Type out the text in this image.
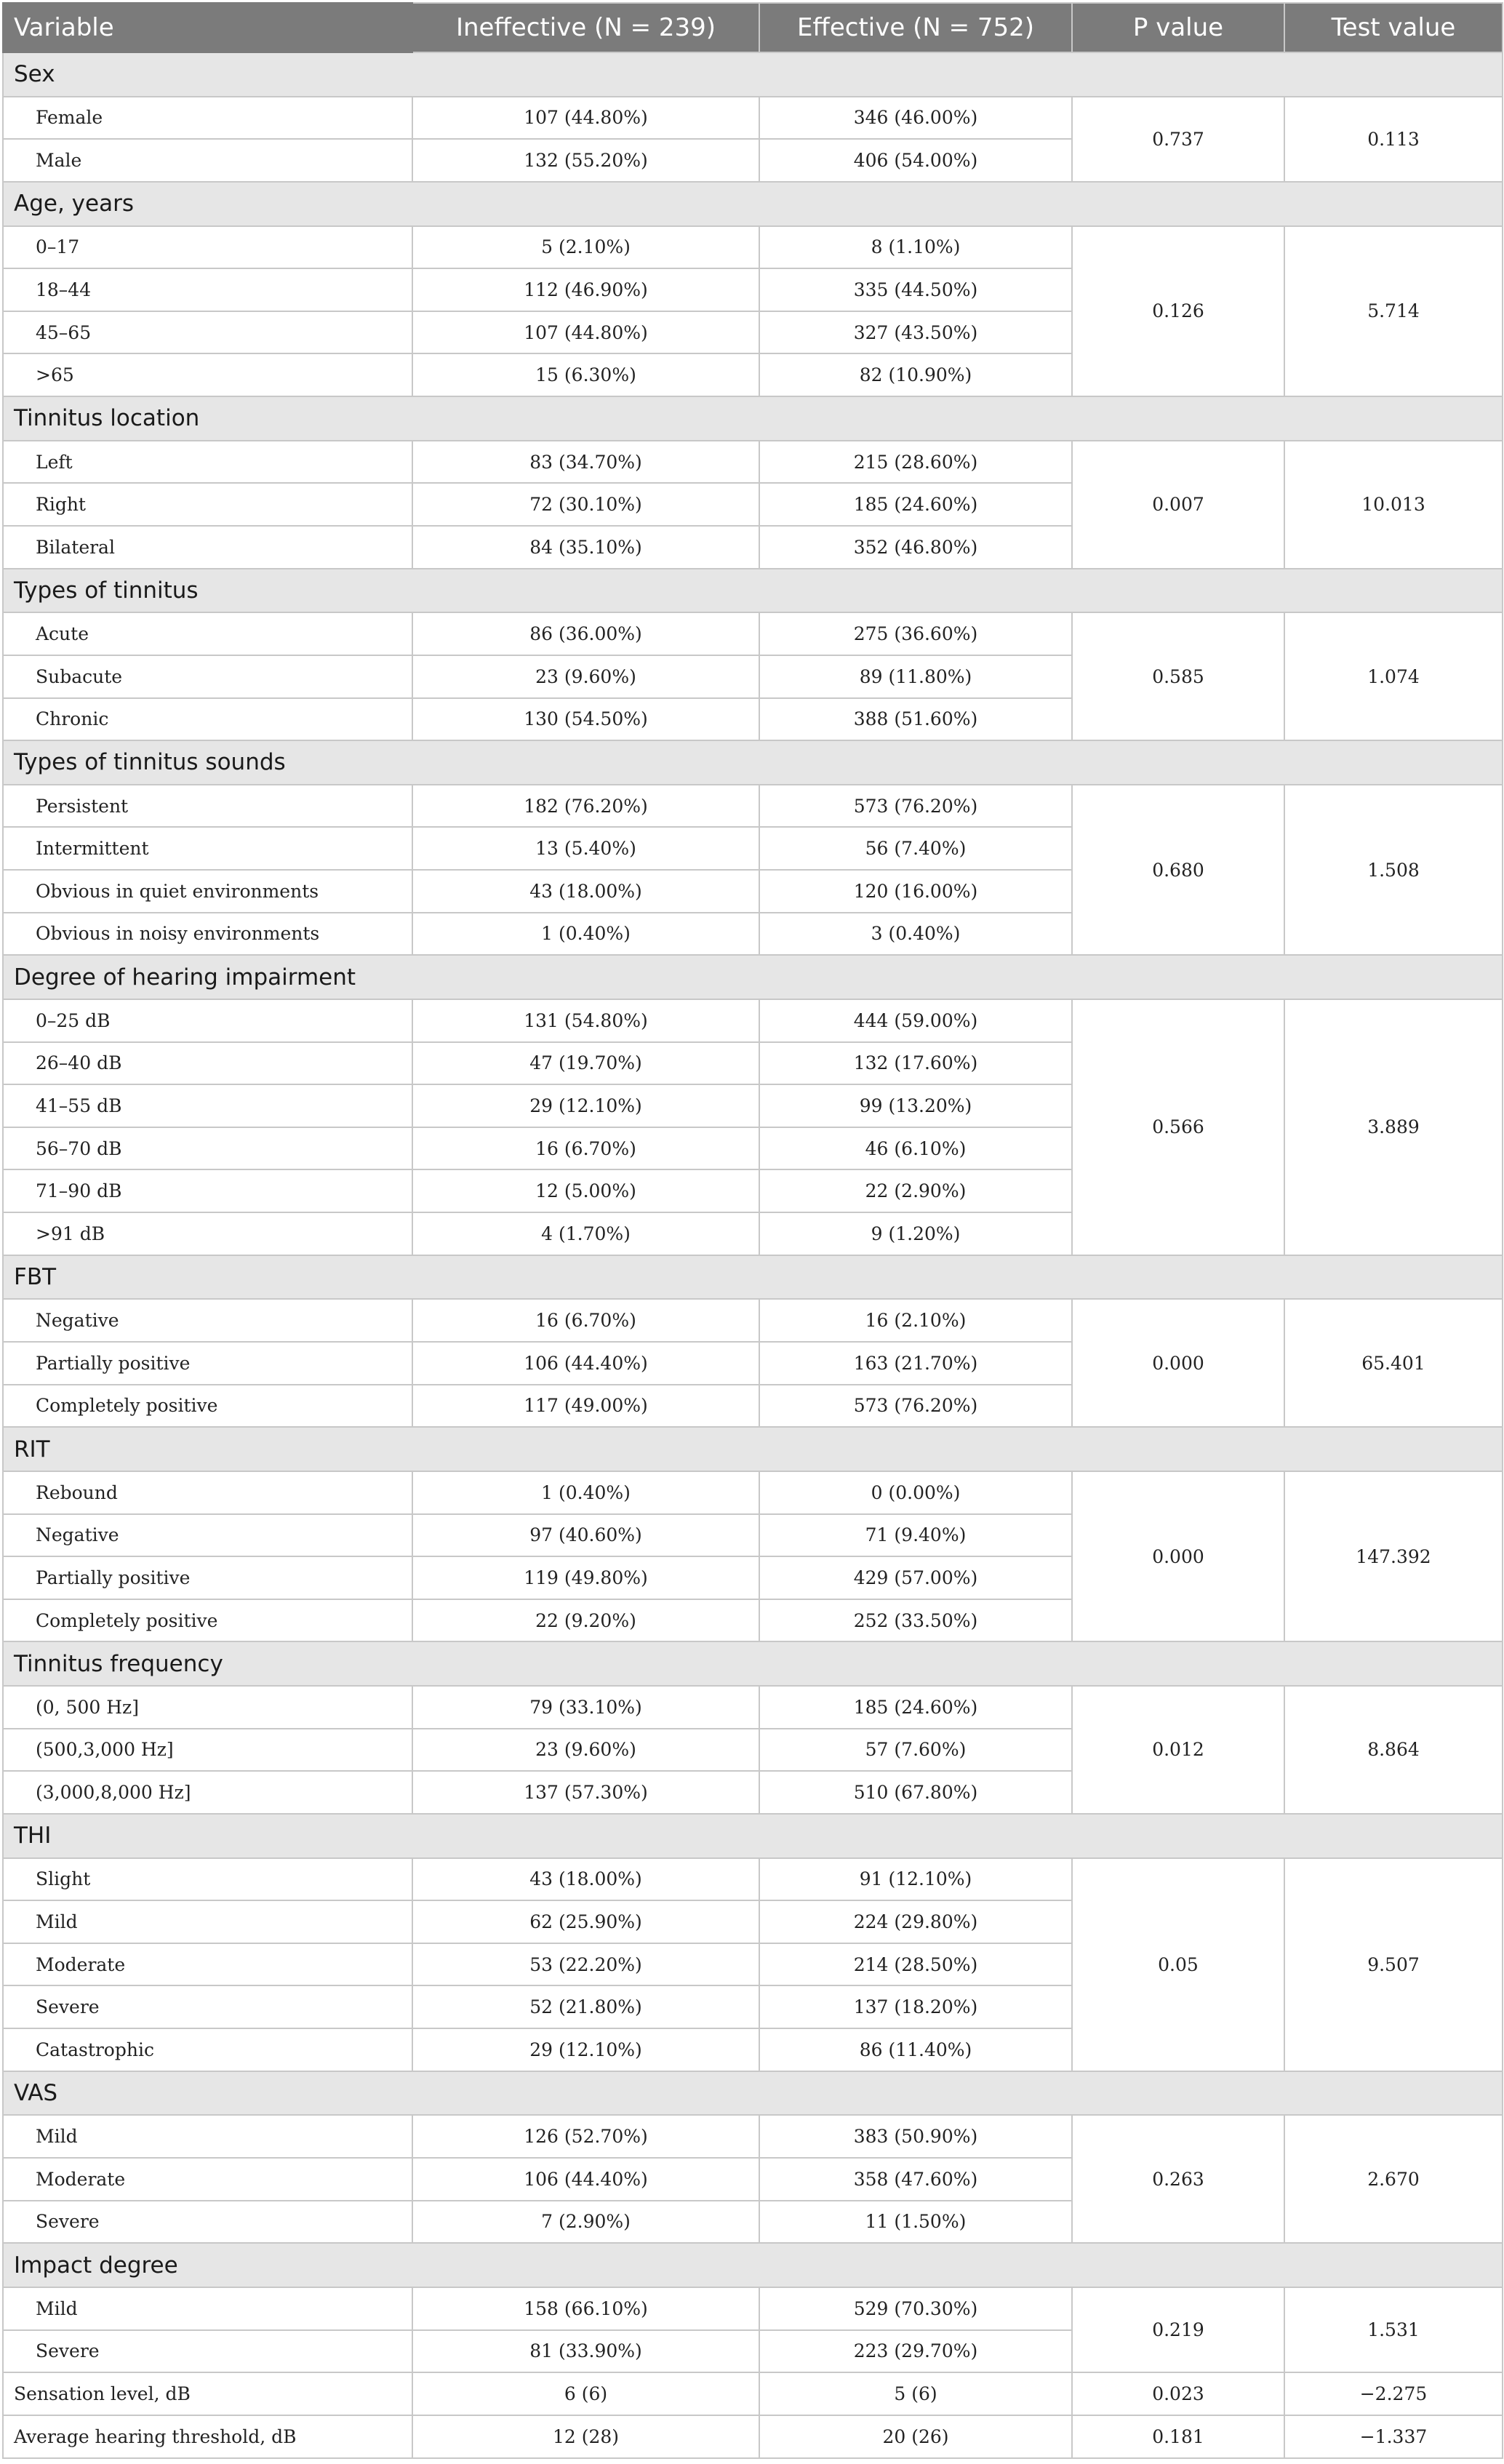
Variable	Ineffective (N = 239)	Effective (N = 752)	P value	Test value
Sex				
Female	107 (44.80%)	346 (46.00%)	0.737	0.113
Male	132 (55.20%)	406 (54.00%)		
Age, years				
0–17	5 (2.10%)	8 (1.10%)	0.126	5.714
18–44	112 (46.90%)	335 (44.50%)		
45–65	107 (44.80%)	327 (43.50%)		
>65	15 (6.30%)	82 (10.90%)		
Tinnitus location				
Left	83 (34.70%)	215 (28.60%)	0.007	10.013
Right	72 (30.10%)	185 (24.60%)		
Bilateral	84 (35.10%)	352 (46.80%)		
Types of tinnitus				
Acute	86 (36.00%)	275 (36.60%)	0.585	1.074
Subacute	23 (9.60%)	89 (11.80%)		
Chronic	130 (54.50%)	388 (51.60%)		
Types of tinnitus sounds				
Persistent	182 (76.20%)	573 (76.20%)	0.680	1.508
Intermittent	13 (5.40%)	56 (7.40%)		
Obvious in quiet environments	43 (18.00%)	120 (16.00%)		
Obvious in noisy environments	1 (0.40%)	3 (0.40%)		
Degree of hearing impairment				
0–25 dB	131 (54.80%)	444 (59.00%)	0.566	3.889
26–40 dB	47 (19.70%)	132 (17.60%)		
41–55 dB	29 (12.10%)	99 (13.20%)		
56–70 dB	16 (6.70%)	46 (6.10%)		
71–90 dB	12 (5.00%)	22 (2.90%)		
>91 dB	4 (1.70%)	9 (1.20%)		
FBT				
Negative	16 (6.70%)	16 (2.10%)	0.000	65.401
Partially positive	106 (44.40%)	163 (21.70%)		
Completely positive	117 (49.00%)	573 (76.20%)		
RIT				
Rebound	1 (0.40%)	0 (0.00%)	0.000	147.392
Negative	97 (40.60%)	71 (9.40%)		
Partially positive	119 (49.80%)	429 (57.00%)		
Completely positive	22 (9.20%)	252 (33.50%)		
Tinnitus frequency				
(0, 500 Hz]	79 (33.10%)	185 (24.60%)	0.012	8.864
(500,3,000 Hz]	23 (9.60%)	57 (7.60%)		
(3,000,8,000 Hz]	137 (57.30%)	510 (67.80%)		
THI				
Slight	43 (18.00%)	91 (12.10%)	0.05	9.507
Mild	62 (25.90%)	224 (29.80%)		
Moderate	53 (22.20%)	214 (28.50%)		
Severe	52 (21.80%)	137 (18.20%)		
Catastrophic	29 (12.10%)	86 (11.40%)		
VAS				
Mild	126 (52.70%)	383 (50.90%)	0.263	2.670
Moderate	106 (44.40%)	358 (47.60%)		
Severe	7 (2.90%)	11 (1.50%)		
Impact degree				
Mild	158 (66.10%)	529 (70.30%)	0.219	1.531
Severe	81 (33.90%)	223 (29.70%)		
Sensation level, dB	6 (6)	5 (6)	0.023	−2.275
Average hearing threshold, dB	12 (28)	20 (26)	0.181	−1.337
